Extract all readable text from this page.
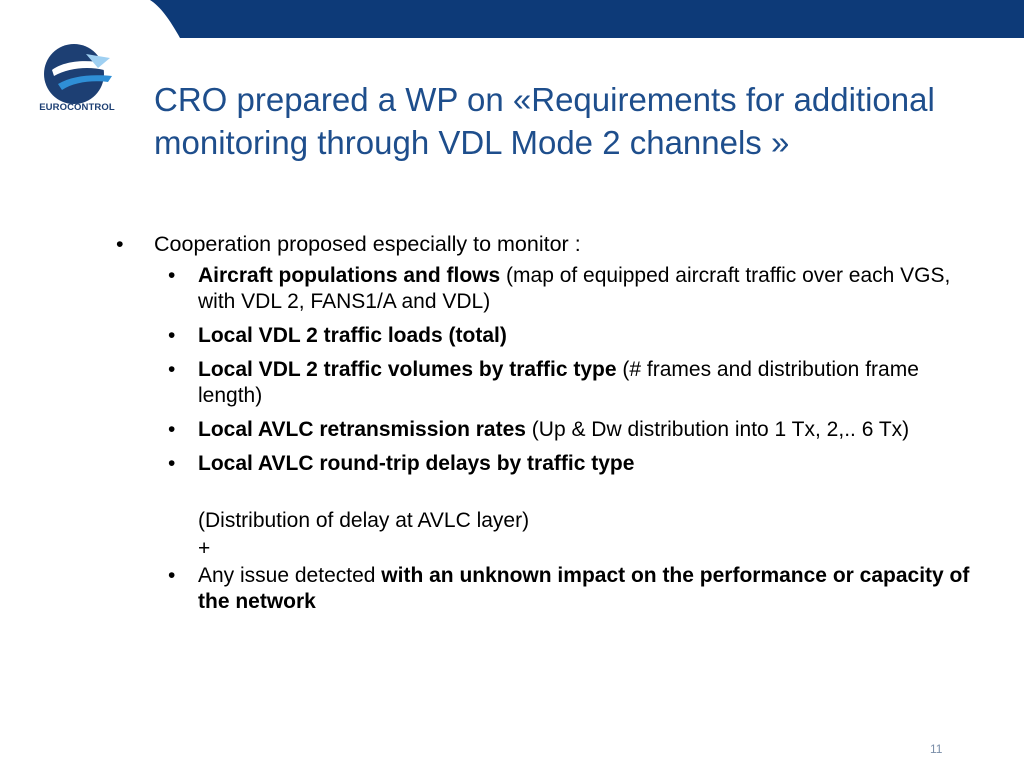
EUROCONTROL CRO prepared a WP on «Requirements for additional monitoring through VDL Mode 2 channels »
• Cooperation proposed especially to monitor :
• Aircraft populations and flows (map of equipped aircraft traffic over each VGS, with VDL 2, FANS1/A and VDL)
• Local VDL 2 traffic loads (total)
• Local VDL 2 traffic volumes by traffic type (# frames and distribution frame length)
• Local AVLC retransmission rates (Up & Dw distribution into 1 Tx, 2,.. 6 Tx)
• Local AVLC round-trip delays by traffic type
(Distribution of delay at AVLC layer)
+
• Any issue detected with an unknown impact on the performance or capacity of the network
11
